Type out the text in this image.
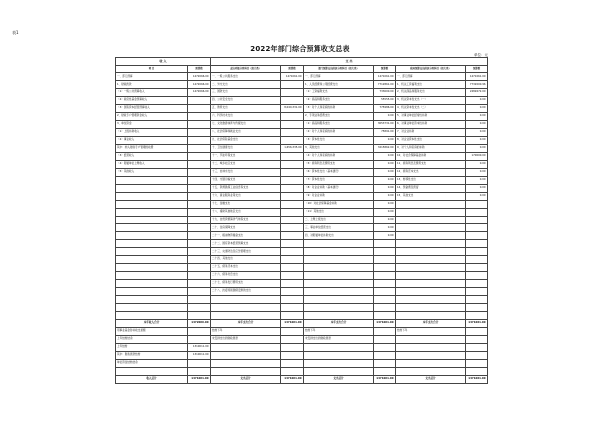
表1
2022年部门综合预算收支总表
单位：元
收 入		支 出					
项 目	预算数	支出功能分类科目（按大类）	预算数	部门预算支出经济分类科目（按大类）	预算数	政府预算支出经济分类科目（按大类）	预算数
一、部门预算	1472066.00	一、一般公共服务支出	1471061.00	一、部门预算	1471061.00	一、部门预算	1471061.00
1、财政拨款	1472066.00	二、外交支出		1、人员经费和公用经费支出	7712861.00	1、机关工资福利支出	7732000.96
（1）一般公共预算收入	1472066.00	三、国防支出		（1）工资福利支出	733600.00	2、机关商品和服务支出	2482672.00
（2）政府性基金预算收入		四、公共安全支出		（2）商品和服务支出	55555.00	3、机关资本性支出（一）	0.00
（3）国有资本经营预算收入		五、教育支出	8,040,331.00	（3）对个人和家庭的补助	775986.00	4、机关资本性支出（二）	0.00
2、财政专户管理资金收入		六、科学技术支出		2、专项业务经费支出	0.00	5、对事业单位经常性补助	0.00
3、单位资金		七、文化旅游体育与传媒支出		（1）商品和服务支出	3053731.00	6、对事业单位资本性补助	0.00
（1）上级补助收入		八、社会保障和就业支出		（2）对个人和家庭的补助	75891.00	7、对企业补助	0.00
（2）事业收入		九、社会保险基金支出		（3）资本性支出	0.00	8、对企业资本性支出	0.00
其中：纳入财政专户管理的收费		十、卫生健康支出	1,656,335.00	3、其他支出	3215862.00	9、对个人和家庭的补助	0.00
（3）经营收入		十一、节能环保支出		（4）对个人和家庭的补助	0.00	10、对社会保障基金补助	170000.00
（4）附属单位上缴收入		十二、城乡社区支出		（5）债务利息及费用支出	0.00	11、债务利息及费用支出	0.00
（5）其他收入		十三、农林水支出		（6）资本性支出（基本建设）	0.00	12、债务还本支出	0.00
		十四、交通运输支出		（7）资本性支出	0.00	13、转移性支出	0.00
		十五、资源勘探工业信息等支出		（8）对企业补助（基本建设）	0.00	14、预备费及预留	0.00
		十六、商业服务业等支出		（9）对企业补助	0.00	15、其他支出	0.00
		十七、金融支出		（10）对社会保障基金补助	0.00		
		十八、援助其他地区支出		（11）其他支出	0.00		
		十九、自然资源海洋气象等支出		二、上缴上级支出	0.00		
		二十、住房保障支出		三、事业单位经营支出	0.00		
		二十一、粮油物资储备支出		四、对附属单位补助支出	0.00		
		二十二、国有资本经营预算支出					
		二十三、灾害防治及应急管理支出					
		二十四、其他支出					
		二十五、债务还本支出					
		二十六、债务付息支出					
		二十七、债务发行费用支出					
		二十八、抗疫特别国债安排的支出					

本年收入合计	1472066.00	本年支出合计	1471061.00	本年支出合计	1471061.00	本年支出合计	1471061.00
用事业基金弥补收支差额		结转下年		结转下年		结转下年	
上年结转结余		未安排支出的财政拨款		未安排支出的财政拨款			
上年结转	1310011.00						
其中：财政拨款结转	1310011.00						
单位资金结转结余							

收入总计	1471061.00	支出总计	1471061.00	支出总计	1471061.00	支出总计	1471061.00
